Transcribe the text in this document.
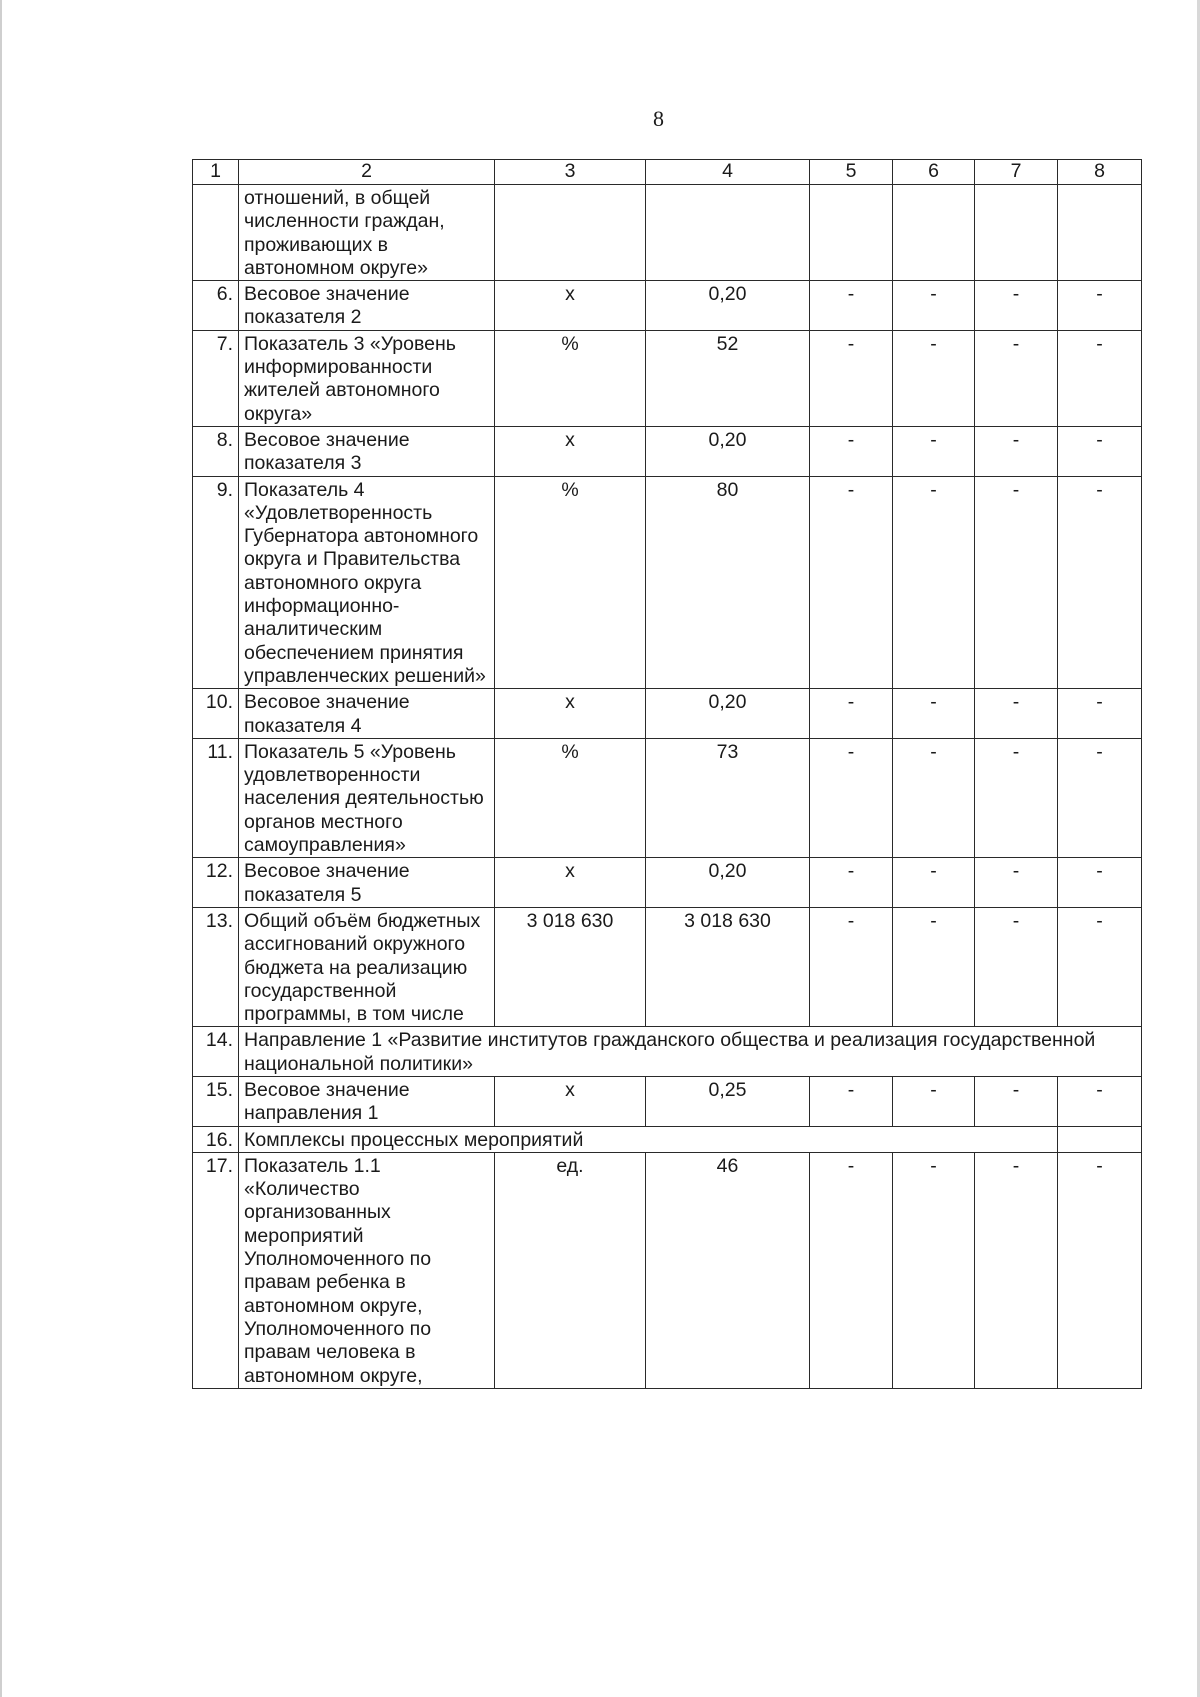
8
1	2	3	4	5	6	7	8
	отношений, в общей численности граждан, проживающих в автономном округе»						
6.	Весовое значение показателя 2	х	0,20	-	-	-	-
7.	Показатель 3 «Уровень информированности жителей автономного округа»	%	52	-	-	-	-
8.	Весовое значение показателя 3	х	0,20	-	-	-	-
9.	Показатель 4 «Удовлетворенность Губернатора автономного округа и Правительства автономного округа информационно-аналитическим обеспечением принятия управленческих решений»	%	80	-	-	-	-
10.	Весовое значение показателя 4	х	0,20	-	-	-	-
11.	Показатель 5 «Уровень удовлетворенности населения деятельностью органов местного самоуправления»	%	73	-	-	-	-
12.	Весовое значение показателя 5	х	0,20	-	-	-	-
13.	Общий объём бюджетных ассигнований окружного бюджета на реализацию государственной программы, в том числе	3 018 630	3 018 630	-	-	-	-
14.	Направление 1 «Развитие институтов гражданского общества и реализация государственной национальной политики»						
15.	Весовое значение направления 1	х	0,25	-	-	-	-
16.	Комплексы процессных мероприятий						
17.	Показатель 1.1 «Количество организованных мероприятий Уполномоченного по правам ребенка в автономном округе, Уполномоченного по правам человека в автономном округе,	ед.	46	-	-	-	-
